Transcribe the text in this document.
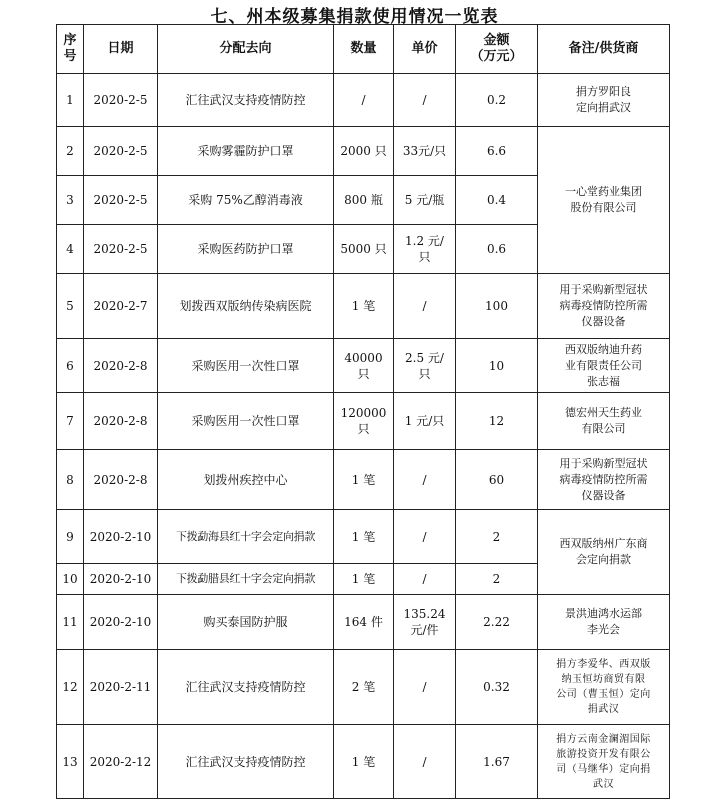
七、州本级募集捐款使用情况一览表
序
号	日期	分配去向	数量	单价	金额
（万元）	备注/供货商
1	2020-2-5	汇往武汉支持疫情防控	/	/	0.2	捐方罗阳良
定向捐武汉

2	2020-2-5	采购雾霾防护口罩	2000 只	33元/只	6.6	一心堂药业集团
股份有限公司

3	2020-2-5	采购 75%乙醇消毒液	800 瓶	5 元/瓶	0.4	
4	2020-2-5	采购医药防护口罩	5000 只	1.2 元/
只	0.6	
5	2020-2-7	划拨西双版纳传染病医院	1 笔	/	100	用于采购新型冠状
病毒疫情防控所需
仪器设备

6	2020-2-8	采购医用一次性口罩	40000
只	2.5 元/
只	10	西双版纳迪升药
业有限责任公司
张志福

7	2020-2-8	采购医用一次性口罩	120000
只	1 元/只	12	德宏州天生药业
有限公司

8	2020-2-8	划拨州疾控中心	1 笔	/	60	用于采购新型冠状
病毒疫情防控所需
仪器设备

9	2020-2-10	下拨勐海县红十字会定向捐款	1 笔	/	2	西双版纳州广东商
会定向捐款

10	2020-2-10	下拨勐腊县红十字会定向捐款	1 笔	/	2	
11	2020-2-10	购买泰国防护服	164 件	135.24
元/件	2.22	景洪迪鸿水运部
李光会

12	2020-2-11	汇往武汉支持疫情防控	2 笔	/	0.32	捐方李爱华、西双版
纳玉恒坊商贸有限
公司（曹玉恒）定向
捐武汉

13	2020-2-12	汇往武汉支持疫情防控	1 笔	/	1.67	捐方云南金澜湄国际
旅游投资开发有限公
司（马继华）定向捐
武汉
